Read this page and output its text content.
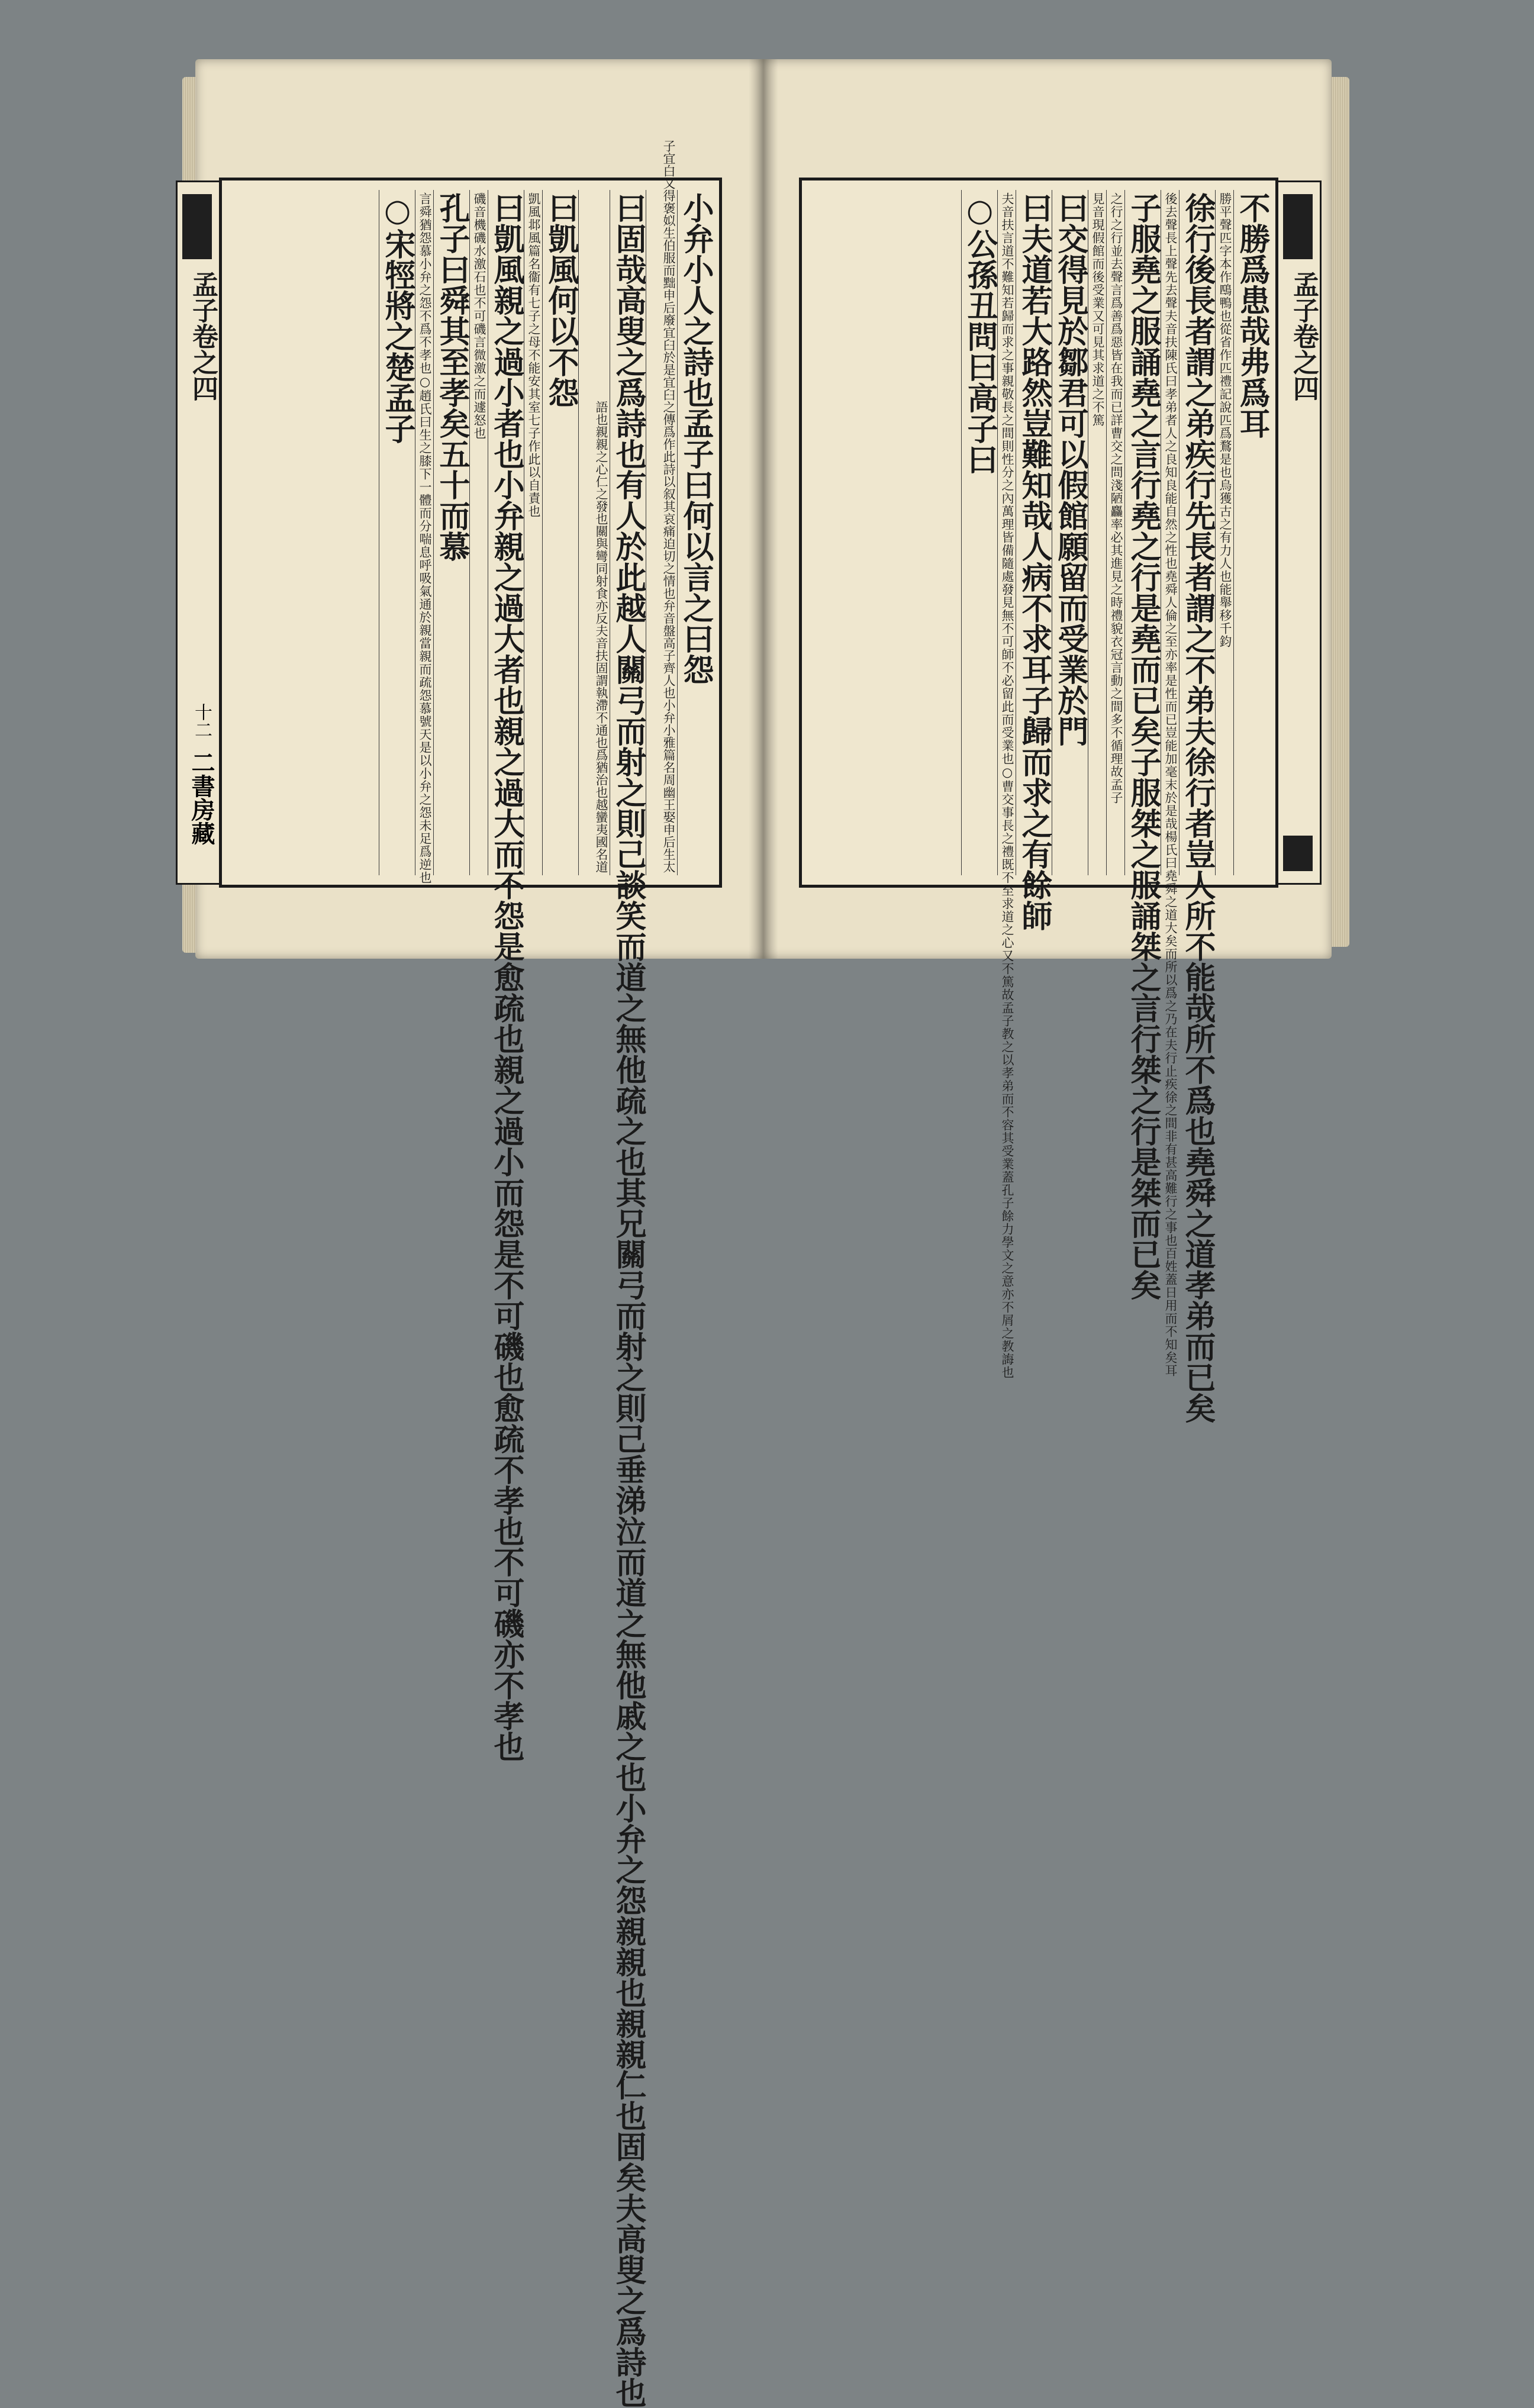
孟子卷之四
十二
二書房藏
小弁小人之詩也孟子曰何以言之曰怨
弁音盤高子齊人也小弁小雅篇名周幽王娶申后生太
子宜白又得褒姒生伯服而黜申后廢宜臼於是宜臼之傳爲作此詩以叙其哀痛迫切之情也
曰固哉高叟之爲詩也有人於此越人關弓而射之則己談笑而道之無他疏之也其兄關弓而射之則己垂涕泣而道之無他戚之也小弁之怨親親也親親仁也固矣夫高叟之爲詩也
關與彎同射食亦反夫音扶固謂執滯不通也爲猶治也越蠻夷國名道
語也親親之心仁之發也
曰凱風何以不怨
凱風邶風篇名衞有七子之母不能安其室七子作此以自責也
曰凱風親之過小者也小弁親之過大者也親之過大而不怨是愈疏也親之過小而怨是不可磯也愈疏不孝也不可磯亦不孝也
磯音機磯水激石也不可磯言微激之而遽怒也
孔子曰舜其至孝矣五十而慕
言舜猶怨慕小弁之怨不爲不孝也○趙氏曰生之膝下一體而分喘息呼吸氣通於親當親而疏怨慕號天是以小弁之怨未足爲逆也
○宋牼將之楚孟子	孟子卷之四
不勝爲患哉弗爲耳
勝平聲匹字本作鴄鴨也從省作匹禮記說匹爲鶩是也烏獲古之有力人也能舉移千鈞
徐行後長者謂之弟疾行先長者謂之不弟夫徐行者豈人所不能哉所不爲也堯舜之道孝弟而已矣
後去聲長上聲先去聲夫音扶陳氏曰孝弟者人之良知良能自然之性也堯舜人倫之至亦率是性而已豈能加毫末於是哉楊氏曰堯舜之道大矣而所以爲之乃在夫行止疾徐之間非有甚高難行之事也百姓蓋日用而不知矣耳
子服堯之服誦堯之言行堯之行是堯而已矣子服桀之服誦桀之言行桀之行是桀而已矣
之行之行並去聲言爲善爲惡皆在我而已詳曹交之問淺陋麤率必其進見之時禮貌衣冠言動之間多不循理故孟子
見音現假館而後受業又可見其求道之不篤
曰交得見於鄒君可以假館願留而受業於門
曰夫道若大路然豈難知哉人病不求耳子歸而求之有餘師
夫音扶言道不難知若歸而求之事親敬長之間則性分之內萬理皆備隨處發見無不可師不必留此而受業也○曹交事長之禮既不至求道之心又不篤故孟子教之以孝弟而不容其受業蓋孔子餘力學文之意亦不屑之教誨也
○公孫丑問曰高子曰
